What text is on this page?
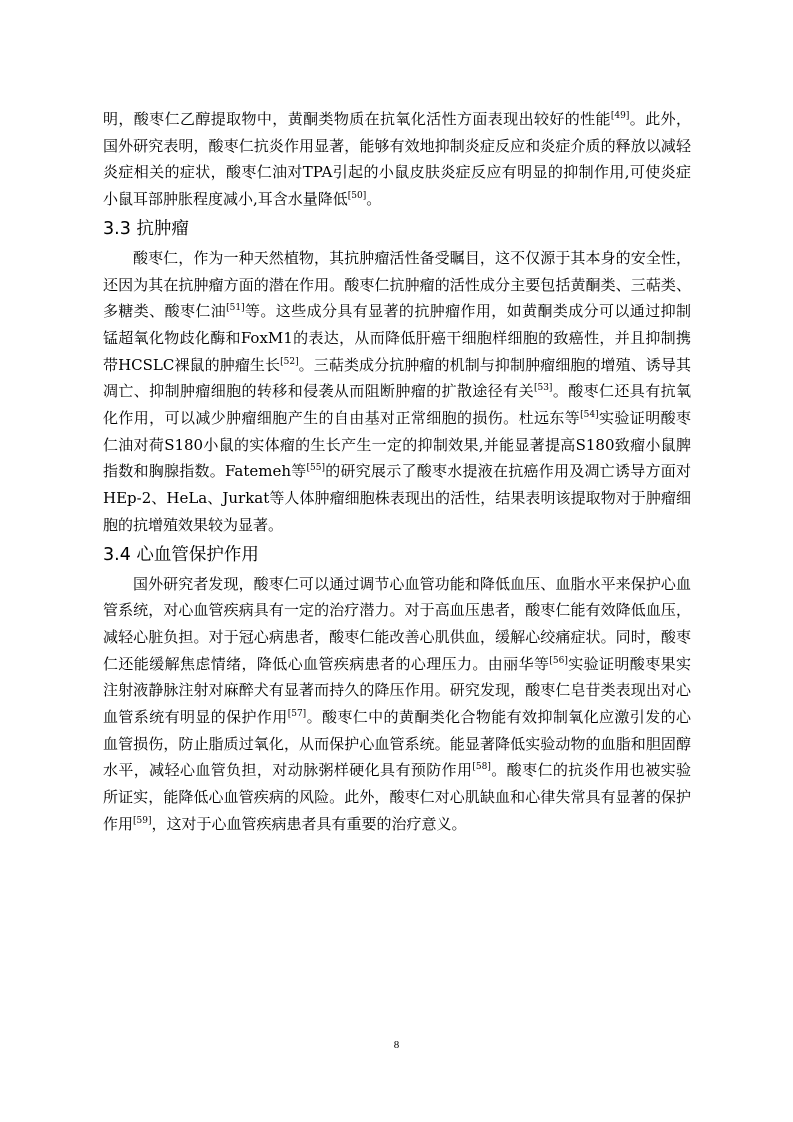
明，酸枣仁乙醇提取物中，黄酮类物质在抗氧化活性方面表现出较好的性能[49]。此外，国外研究表明，酸枣仁抗炎作用显著，能够有效地抑制炎症反应和炎症介质的释放以减轻炎症相关的症状，酸枣仁油对TPA引起的小鼠皮肤炎症反应有明显的抑制作用,可使炎症小鼠耳部肿胀程度减小,耳含水量降低[50]。

3.3 抗肿瘤

酸枣仁，作为一种天然植物，其抗肿瘤活性备受瞩目，这不仅源于其本身的安全性，还因为其在抗肿瘤方面的潜在作用。酸枣仁抗肿瘤的活性成分主要包括黄酮类、三萜类、多糖类、酸枣仁油[51]等。这些成分具有显著的抗肿瘤作用，如黄酮类成分可以通过抑制锰超氧化物歧化酶和FoxM1的表达，从而降低肝癌干细胞样细胞的致癌性，并且抑制携带HCSLC裸鼠的肿瘤生长[52]。三萜类成分抗肿瘤的机制与抑制肿瘤细胞的增殖、诱导其凋亡、抑制肿瘤细胞的转移和侵袭从而阻断肿瘤的扩散途径有关[53]。酸枣仁还具有抗氧化作用，可以减少肿瘤细胞产生的自由基对正常细胞的损伤。杜远东等[54]实验证明酸枣仁油对荷S180小鼠的实体瘤的生长产生一定的抑制效果,并能显著提高S180致瘤小鼠脾指数和胸腺指数。Fatemeh等[55]的研究展示了酸枣水提液在抗癌作用及凋亡诱导方面对HEp-2、HeLa、Jurkat等人体肿瘤细胞株表现出的活性，结果表明该提取物对于肿瘤细胞的抗增殖效果较为显著。

3.4 心血管保护作用

国外研究者发现，酸枣仁可以通过调节心血管功能和降低血压、血脂水平来保护心血管系统，对心血管疾病具有一定的治疗潜力。对于高血压患者，酸枣仁能有效降低血压，减轻心脏负担。对于冠心病患者，酸枣仁能改善心肌供血，缓解心绞痛症状。同时，酸枣仁还能缓解焦虑情绪，降低心血管疾病患者的心理压力。由丽华等[56]实验证明酸枣果实注射液静脉注射对麻醉犬有显著而持久的降压作用。研究发现，酸枣仁皂苷类表现出对心血管系统有明显的保护作用[57]。酸枣仁中的黄酮类化合物能有效抑制氧化应激引发的心血管损伤，防止脂质过氧化，从而保护心血管系统。能显著降低实验动物的血脂和胆固醇水平，减轻心血管负担，对动脉粥样硬化具有预防作用[58]。酸枣仁的抗炎作用也被实验所证实，能降低心血管疾病的风险。此外，酸枣仁对心肌缺血和心律失常具有显著的保护作用[59]，这对于心血管疾病患者具有重要的治疗意义。

8
